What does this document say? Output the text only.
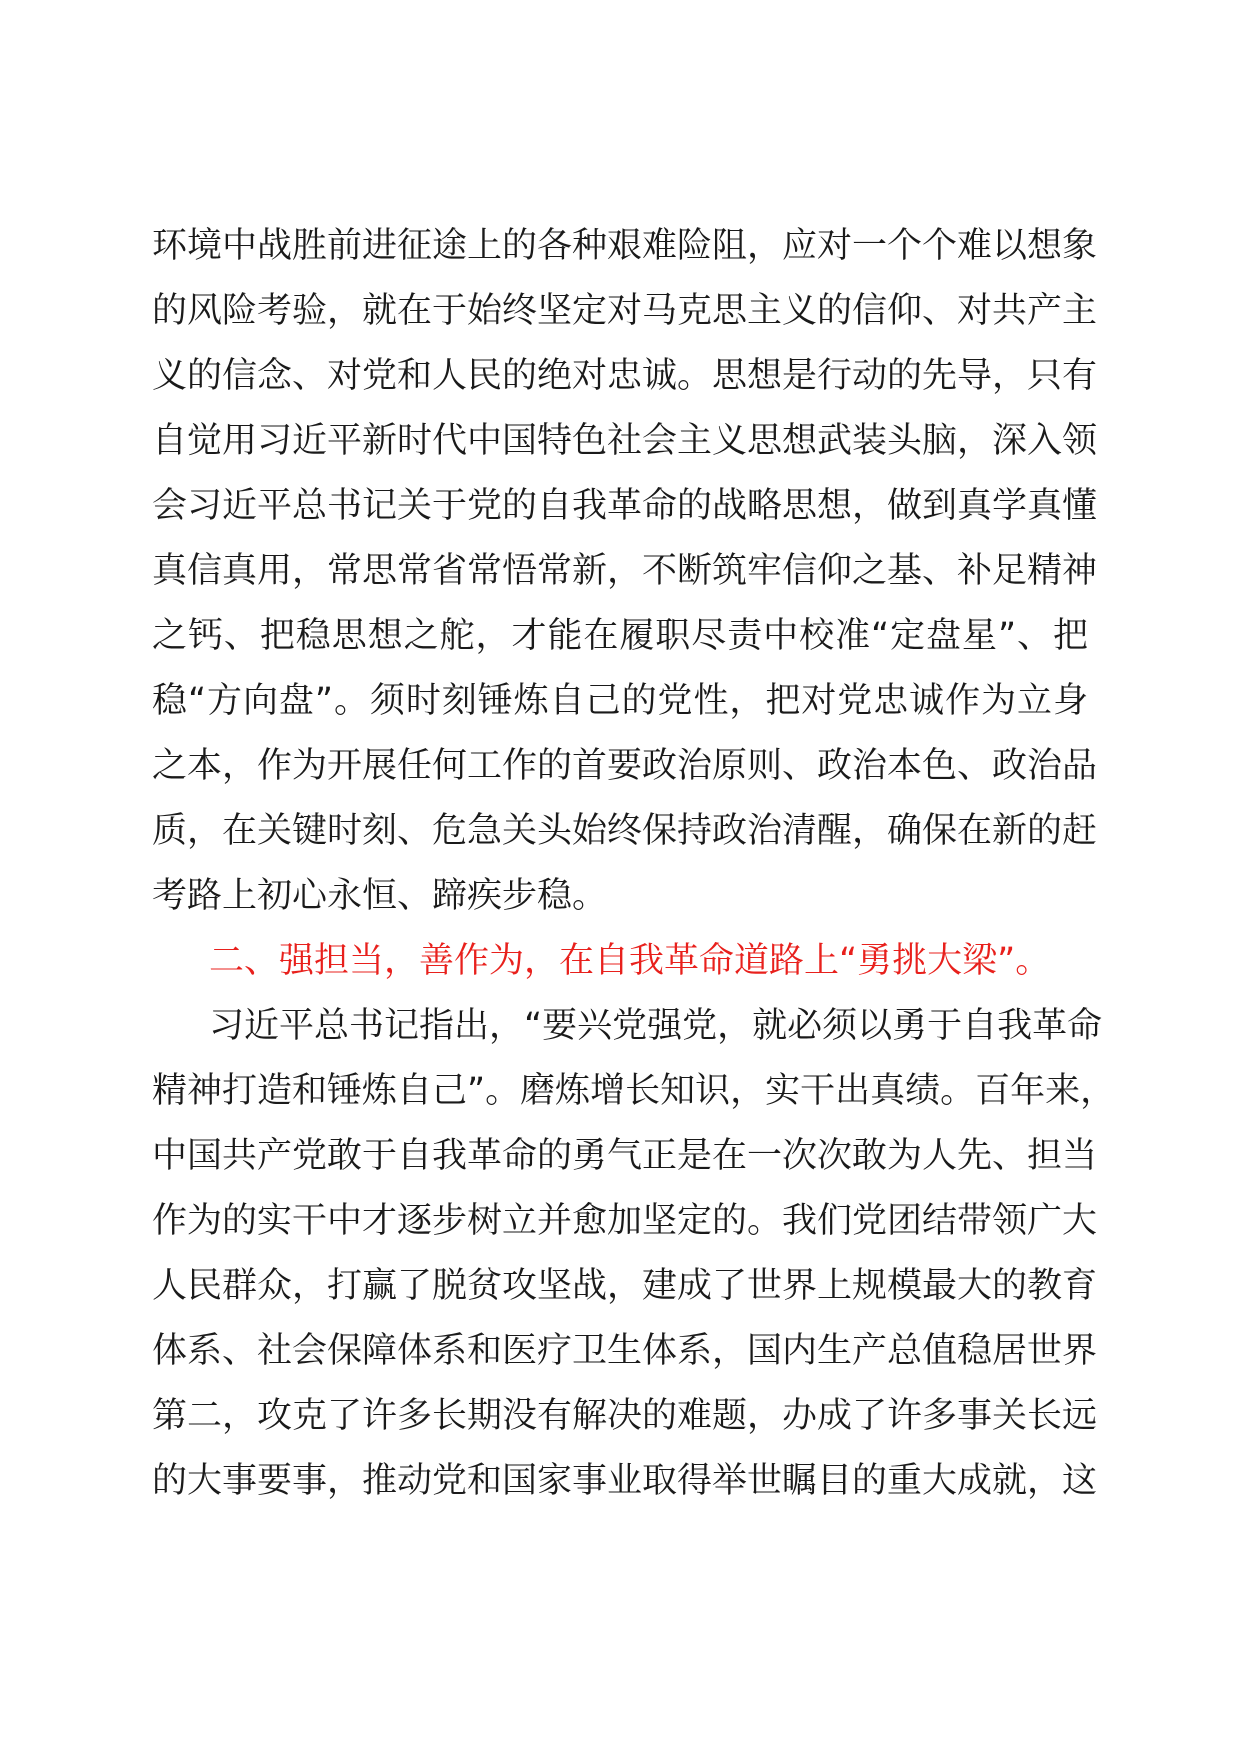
环境中战胜前进征途上的各种艰难险阻，应对一个个难以想象
的风险考验，就在于始终坚定对马克思主义的信仰、对共产主
义的信念、对党和人民的绝对忠诚。思想是行动的先导，只有
自觉用习近平新时代中国特色社会主义思想武装头脑，深入领
会习近平总书记关于党的自我革命的战略思想，做到真学真懂
真信真用，常思常省常悟常新，不断筑牢信仰之基、补足精神
之钙、把稳思想之舵，才能在履职尽责中校准“定盘星”、把
稳“方向盘”。须时刻锤炼自己的党性，把对党忠诚作为立身
之本，作为开展任何工作的首要政治原则、政治本色、政治品
质，在关键时刻、危急关头始终保持政治清醒，确保在新的赶
考路上初心永恒、蹄疾步稳。
二、强担当，善作为，在自我革命道路上“勇挑大梁”。
习近平总书记指出，“要兴党强党，就必须以勇于自我革命
精神打造和锤炼自己”。磨炼增长知识，实干出真绩。百年来，
中国共产党敢于自我革命的勇气正是在一次次敢为人先、担当
作为的实干中才逐步树立并愈加坚定的。我们党团结带领广大
人民群众，打赢了脱贫攻坚战，建成了世界上规模最大的教育
体系、社会保障体系和医疗卫生体系，国内生产总值稳居世界
第二，攻克了许多长期没有解决的难题，办成了许多事关长远
的大事要事，推动党和国家事业取得举世瞩目的重大成就，这
